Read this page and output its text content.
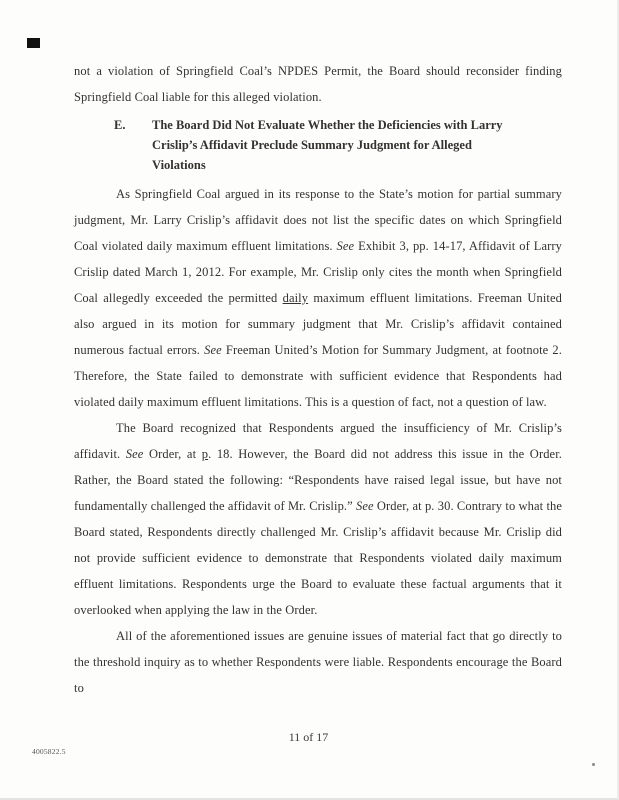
not a violation of Springfield Coal’s NPDES Permit, the Board should reconsider finding Springfield Coal liable for this alleged violation.

E.	The Board Did Not Evaluate Whether the Deficiencies with Larry Crislip’s Affidavit Preclude Summary Judgment for Alleged Violations

As Springfield Coal argued in its response to the State’s motion for partial summary judgment, Mr. Larry Crislip’s affidavit does not list the specific dates on which Springfield Coal violated daily maximum effluent limitations. See Exhibit 3, pp. 14-17, Affidavit of Larry Crislip dated March 1, 2012. For example, Mr. Crislip only cites the month when Springfield Coal allegedly exceeded the permitted daily maximum effluent limitations. Freeman United also argued in its motion for summary judgment that Mr. Crislip’s affidavit contained numerous factual errors. See Freeman United’s Motion for Summary Judgment, at footnote 2. Therefore, the State failed to demonstrate with sufficient evidence that Respondents had violated daily maximum effluent limitations. This is a question of fact, not a question of law.

The Board recognized that Respondents argued the insufficiency of Mr. Crislip’s affidavit. See Order, at p. 18. However, the Board did not address this issue in the Order. Rather, the Board stated the following: “Respondents have raised legal issue, but have not fundamentally challenged the affidavit of Mr. Crislip.” See Order, at p. 30. Contrary to what the Board stated, Respondents directly challenged Mr. Crislip’s affidavit because Mr. Crislip did not provide sufficient evidence to demonstrate that Respondents violated daily maximum effluent limitations. Respondents urge the Board to evaluate these factual arguments that it overlooked when applying the law in the Order.

All of the aforementioned issues are genuine issues of material fact that go directly to the threshold inquiry as to whether Respondents were liable. Respondents encourage the Board to

11 of 17
4005822.5
